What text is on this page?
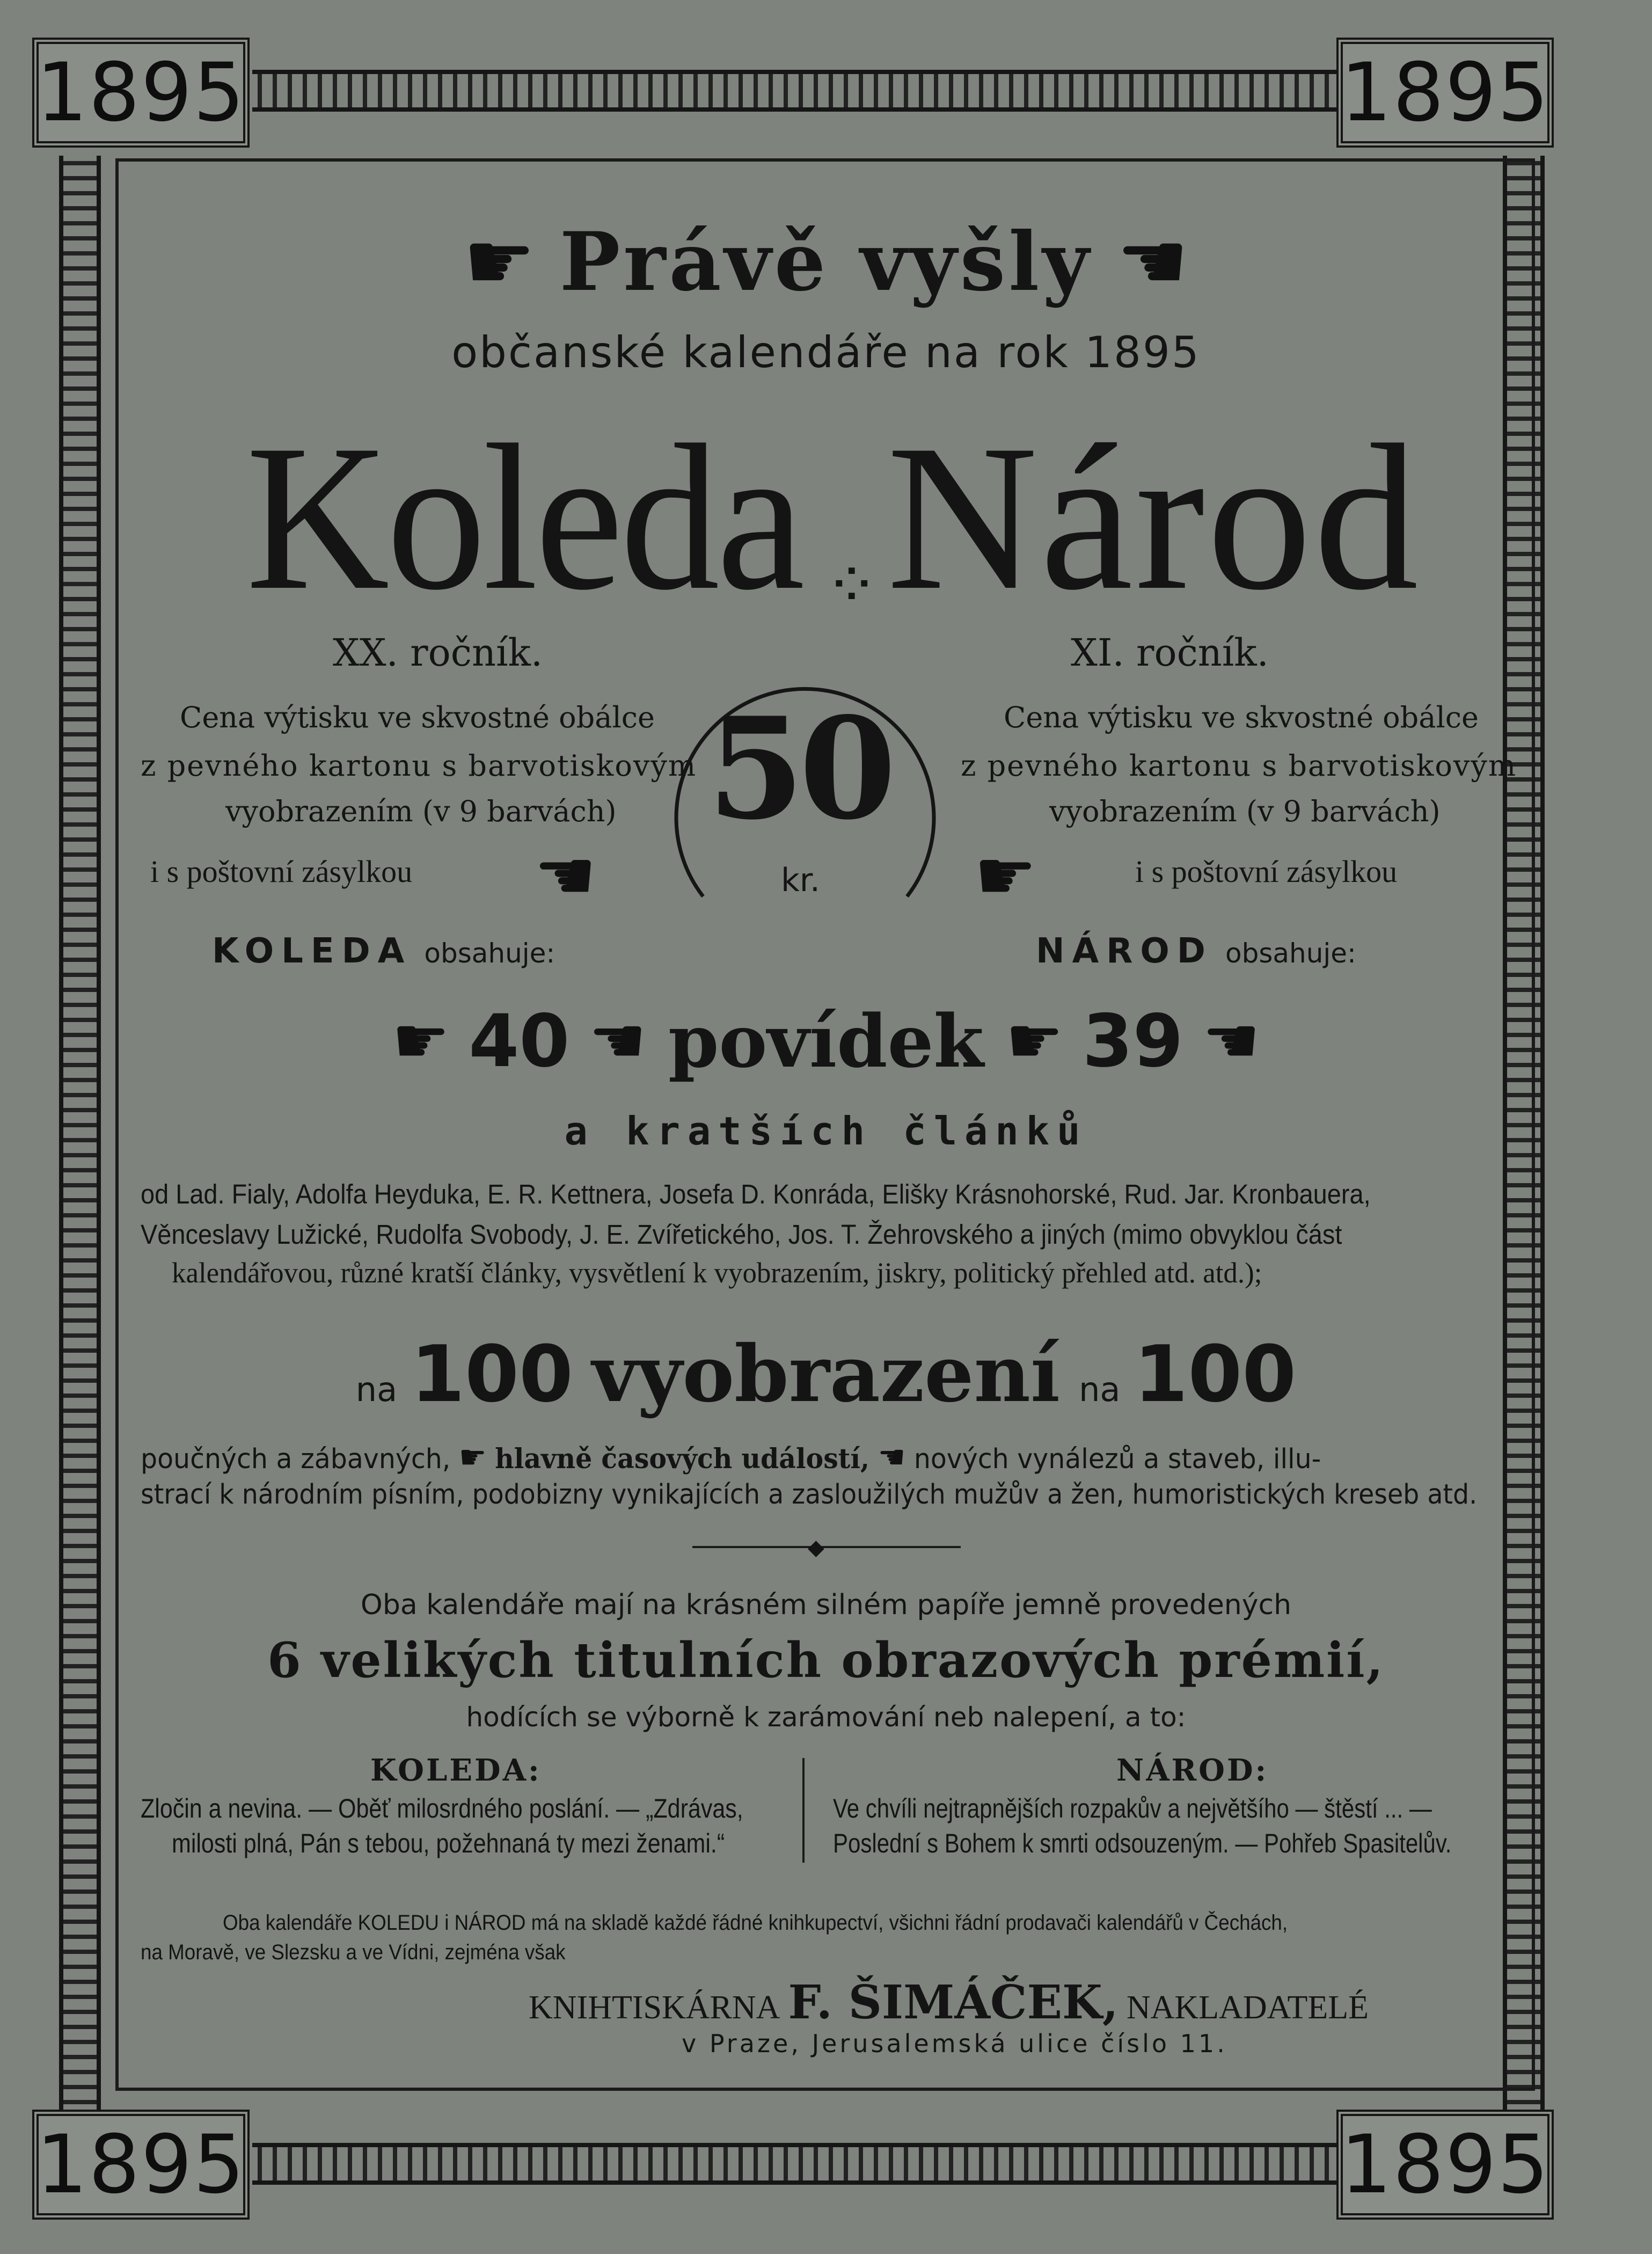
1895	1895
1895	1895
☛ Právě vyšly ☚
občanské kalendáře na rok 1895
Koleda ⁘ Národ
XX. ročník.
Cena výtisku ve skvostné obálce
z pevného kartonu s barvotiskovým
vyobrazením (v 9 barvách)
i s poštovní zásylkou ☚
XI. ročník.
Cena výtisku ve skvostné obálce
z pevného kartonu s barvotiskovým
vyobrazením (v 9 barvách)
i s poštovní zásylkou
☛
50
kr.
KOLEDA obsahuje:	NÁROD obsahuje:
☛ 40 ☚ povídek ☛ 39 ☚
a kratších článků
od Lad. Fialy, Adolfa Heyduka, E. R. Kettnera, Josefa D. Konráda, Elišky Krásnohorské, Rud. Jar. Kronbauera,
Věnceslavy Lužické, Rudolfa Svobody, J. E. Zvířetického, Jos. T. Žehrovského a jiných (mimo obvyklou část
kalendářovou, různé kratší články, vysvětlení k vyobrazením, jiskry, politický přehled atd. atd.);
na 100 vyobrazení na 100
poučných a zábavných, ☛ hlavně časových událostí, ☚ nových vynálezů a staveb, illu-
strací k národním písním, podobizny vynikajících a zasloužilých mužův a žen, humoristických kreseb atd.
◆
Oba kalendáře mají na krásném silném papíře jemně provedených
6 velikých titulních obrazových prémií,
hodících se výborně k zarámování neb nalepení, a to:
KOLEDA:
Zločin a nevina. — Oběť milosrdného poslání. — „Zdrávas,
milosti plná, Pán s tebou, požehnaná ty mezi ženami.“
NÁROD:
Ve chvíli nejtrapnějších rozpakův a největšího — štěstí ... —
Poslední s Bohem k smrti odsouzeným. — Pohřeb Spasitelův.
Oba kalendáře KOLEDU i NÁROD má na skladě každé řádné knihkupectví, všichni řádní prodavači kalendářů v Čechách,
na Moravě, ve Slezsku a ve Vídni, zejména však
KNIHTISKÁRNA F. ŠIMÁČEK, NAKLADATELÉ
v Praze, Jerusalemská ulice číslo 11.
